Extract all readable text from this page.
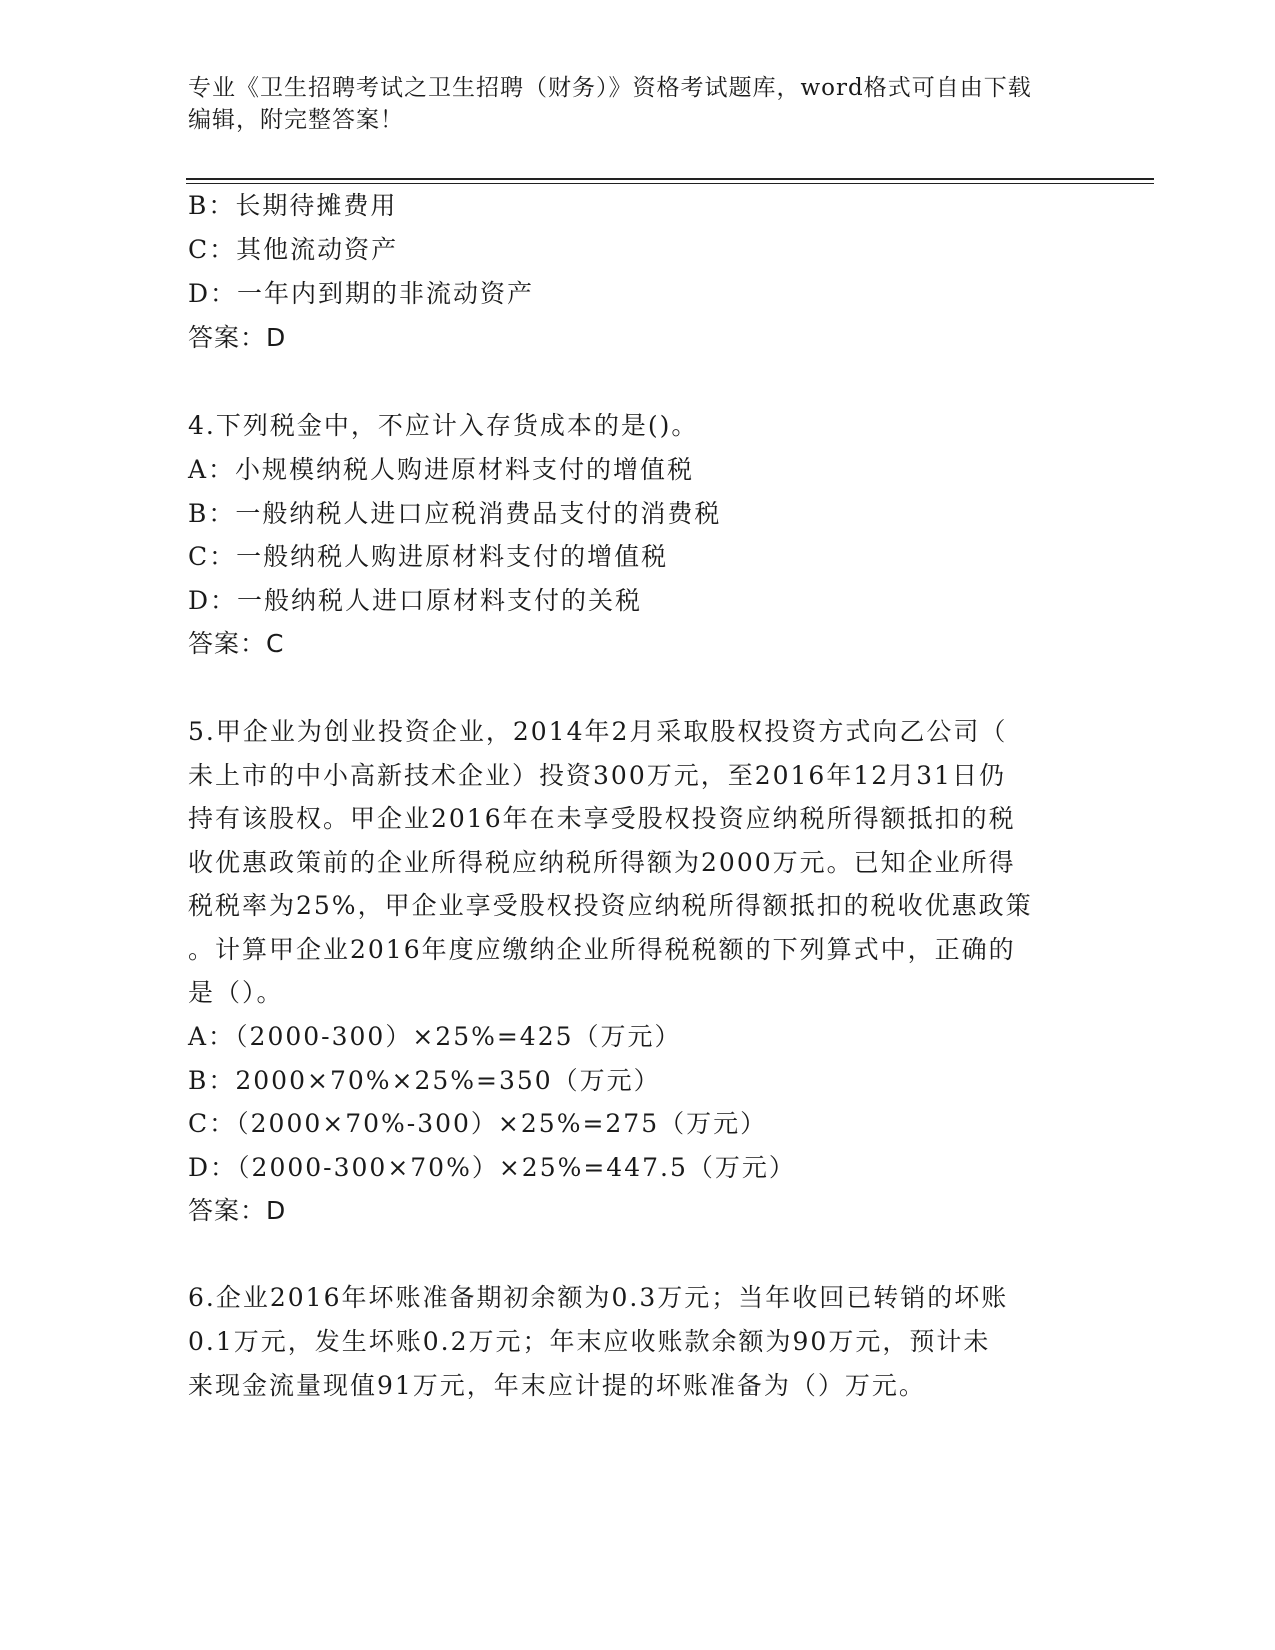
专业《卫生招聘考试之卫生招聘（财务）》资格考试题库，word格式可自由下载
编辑，附完整答案！
B：长期待摊费用
C：其他流动资产
D：一年内到期的非流动资产
答案：D
4.下列税金中，不应计入存货成本的是()。
A：小规模纳税人购进原材料支付的增值税
B：一般纳税人进口应税消费品支付的消费税
C：一般纳税人购进原材料支付的增值税
D：一般纳税人进口原材料支付的关税
答案：C
5.甲企业为创业投资企业，2014年2月采取股权投资方式向乙公司（
未上市的中小高新技术企业）投资300万元，至2016年12月31日仍
持有该股权。甲企业2016年在未享受股权投资应纳税所得额抵扣的税
收优惠政策前的企业所得税应纳税所得额为2000万元。已知企业所得
税税率为25%，甲企业享受股权投资应纳税所得额抵扣的税收优惠政策
。计算甲企业2016年度应缴纳企业所得税税额的下列算式中，正确的
是（）。
A：（2000-300）×25%=425（万元）
B：2000×70%×25%=350（万元）
C：（2000×70%-300）×25%=275（万元）
D：（2000-300×70%）×25%=447.5（万元）
答案：D
6.企业2016年坏账准备期初余额为0.3万元；当年收回已转销的坏账
0.1万元，发生坏账0.2万元；年末应收账款余额为90万元，预计未
来现金流量现值91万元，年末应计提的坏账准备为（）万元。
